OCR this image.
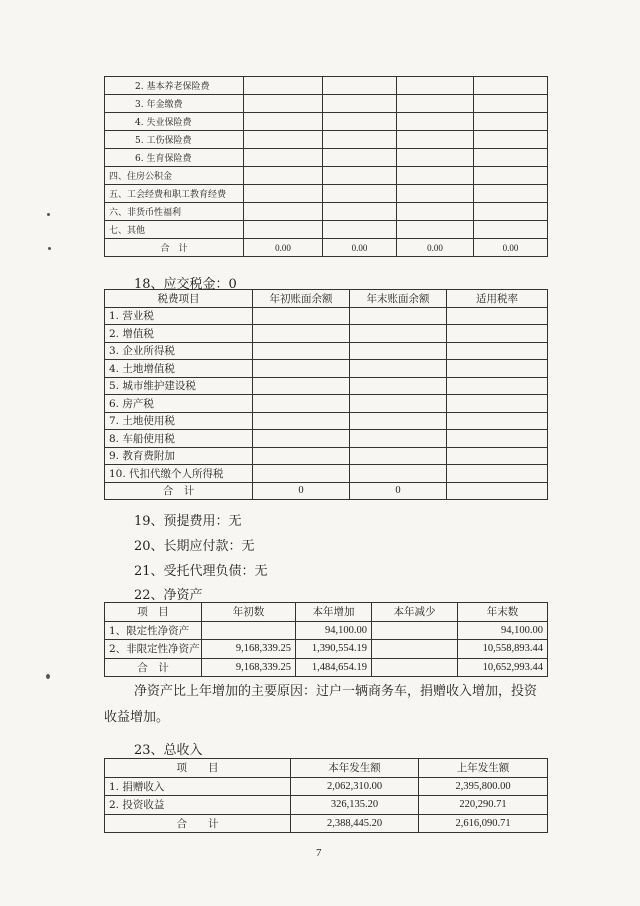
2. 基本养老保险费				
3. 年金缴费				
4. 失业保险费				
5. 工伤保险费				
6. 生育保险费				
四、住房公积金				
五、工会经费和职工教育经费				
六、非货币性福利				
七、其他				
合　计	0.00	0.00	0.00	0.00
18、应交税金：0
税费项目	年初账面余额	年末账面余额	适用税率
1. 营业税			
2. 增值税			
3. 企业所得税			
4. 土地增值税			
5. 城市维护建设税			
6. 房产税			
7. 土地使用税			
8. 车船使用税			
9. 教育费附加			
10. 代扣代缴个人所得税			
合　计	0	0	
19、预提费用：无
20、长期应付款：无
21、受托代理负债：无
22、净资产
项　目	年初数	本年增加	本年减少	年末数
1、限定性净资产		94,100.00		94,100.00
2、非限定性净资产	9,168,339.25	1,390,554.19		10,558,893.44
合　计	9,168,339.25	1,484,654.19		10,652,993.44
净资产比上年增加的主要原因：过户一辆商务车，捐赠收入增加，投资收益增加。
23、总收入
项　　目	本年发生额	上年发生额
1. 捐赠收入	2,062,310.00	2,395,800.00
2. 投资收益	326,135.20	220,290.71
合　　计	2,388,445.20	2,616,090.71
7
